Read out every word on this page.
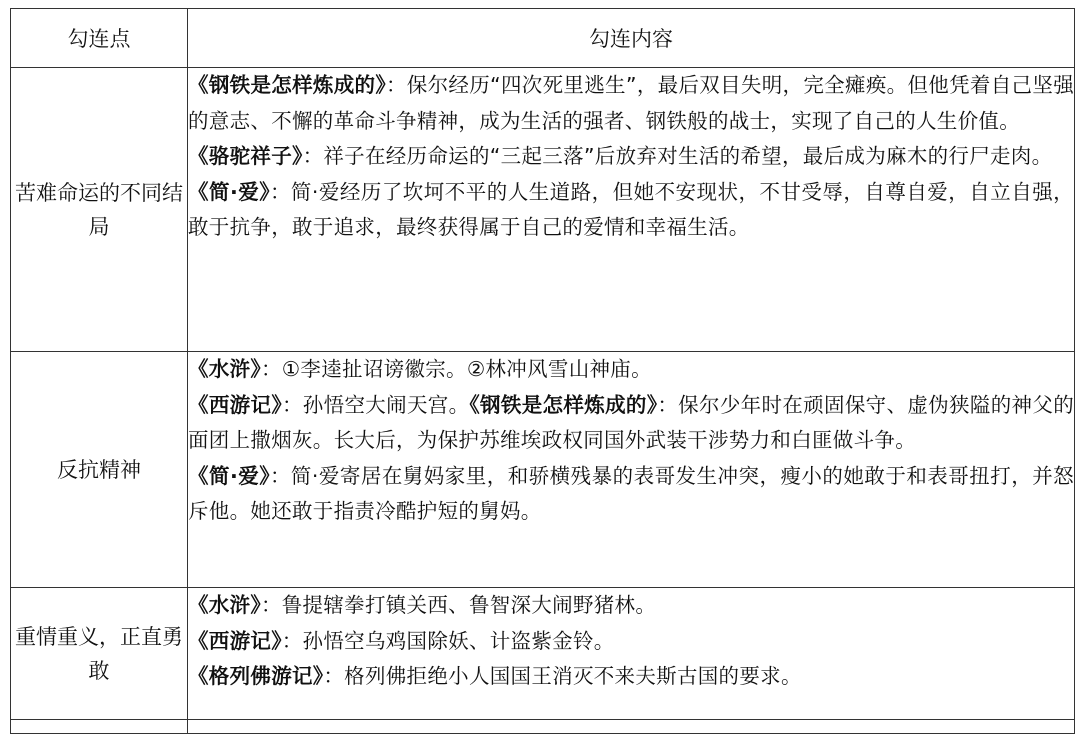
勾连点	勾连内容
苦难命运的不同结局	《钢铁是怎样炼成的》：保尔经历“四次死里逃生”，最后双目失明，完全瘫痪。但他凭着自己坚强的意志、不懈的革命斗争精神，成为生活的强者、钢铁般的战士，实现了自己的人生价值。

《骆驼祥子》：祥子在经历命运的“三起三落”后放弃对生活的希望，最后成为麻木的行尸走肉。

《简·爱》：简·爱经历了坎坷不平的人生道路，但她不安现状，不甘受辱，自尊自爱，自立自强，敢于抗争，敢于追求，最终获得属于自己的爱情和幸福生活。

反抗精神	《水浒》：①李逵扯诏谤徽宗。②林冲风雪山神庙。

《西游记》：孙悟空大闹天宫。《钢铁是怎样炼成的》：保尔少年时在顽固保守、虚伪狭隘的神父的面团上撒烟灰。长大后，为保护苏维埃政权同国外武装干涉势力和白匪做斗争。

《简·爱》：简·爱寄居在舅妈家里，和骄横残暴的表哥发生冲突，瘦小的她敢于和表哥扭打，并怒斥他。她还敢于指责冷酷护短的舅妈。

重情重义，正直勇敢	《水浒》：鲁提辖拳打镇关西、鲁智深大闹野猪林。

《西游记》：孙悟空乌鸡国除妖、计盗紫金铃。

《格列佛游记》：格列佛拒绝小人国国王消灭不来夫斯古国的要求。
